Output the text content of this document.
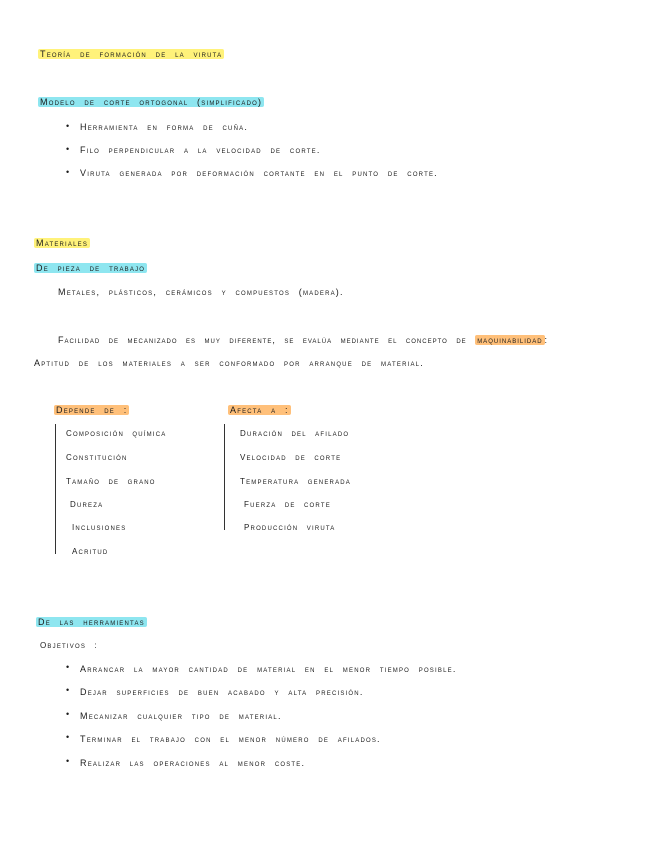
Teoría de formación de la viruta
Modelo de corte ortogonal (simplificado)
• Herramienta en forma de cuña.
• Filo perpendicular a la velocidad de corte.
• Viruta generada por deformación cortante en el punto de corte.
Materiales
De pieza de trabajo
Metales, plásticos, cerámicos y compuestos (madera).
Facilidad de mecanizado es muy diferente, se evalúa mediante el concepto de maquinabilidad :
Aptitud de los materiales a ser conformado por arranque de material.
Depende de :
Composición química
Constitución
Tamaño de grano
Dureza
Inclusiones
Acritud
Afecta a :
Duración del afilado
Velocidad de corte
Temperatura generada
Fuerza de corte
Producción viruta
De las herramientas
Objetivos :
• Arrancar la mayor cantidad de material en el menor tiempo posible.
• Dejar superficies de buen acabado y alta precisión.
• Mecanizar cualquier tipo de material.
• Terminar el trabajo con el menor número de afilados.
• Realizar las operaciones al menor coste.
